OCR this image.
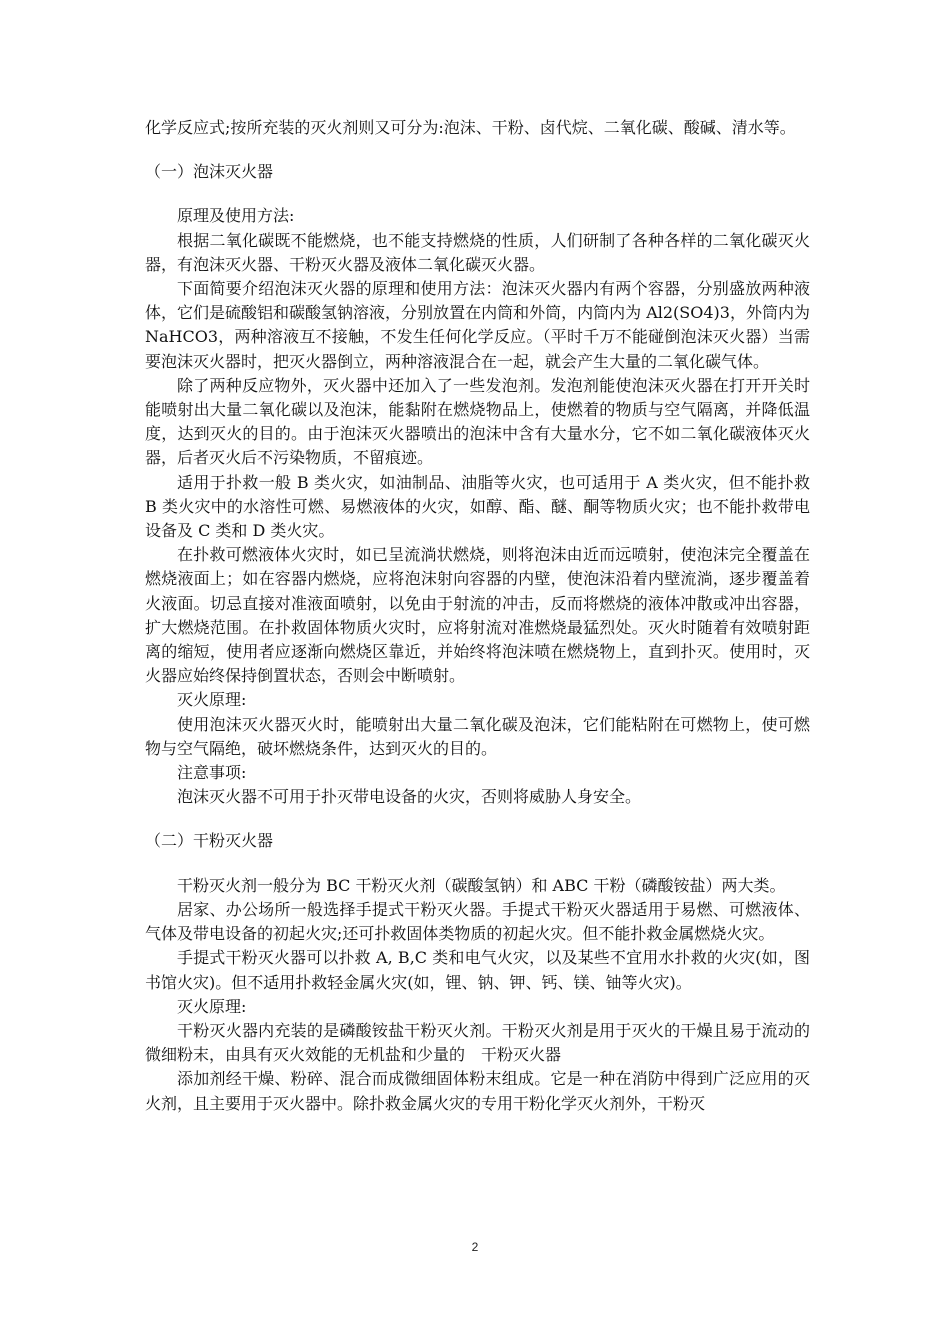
化学反应式;按所充装的灭火剂则又可分为:泡沫、干粉、卤代烷、二氧化碳、酸碱、清水等。

（一）泡沫灭火器

原理及使用方法:

根据二氧化碳既不能燃烧，也不能支持燃烧的性质，人们研制了各种各样的二氧化碳灭火器，有泡沫灭火器、干粉灭火器及液体二氧化碳灭火器。

下面简要介绍泡沫灭火器的原理和使用方法：泡沫灭火器内有两个容器，分别盛放两种液体，它们是硫酸铝和碳酸氢钠溶液，分别放置在内筒和外筒，内筒内为 Al2(SO4)3，外筒内为 NaHCO3，两种溶液互不接触，不发生任何化学反应。（平时千万不能碰倒泡沫灭火器）当需要泡沫灭火器时，把灭火器倒立，两种溶液混合在一起，就会产生大量的二氧化碳气体。

除了两种反应物外，灭火器中还加入了一些发泡剂。发泡剂能使泡沫灭火器在打开开关时能喷射出大量二氧化碳以及泡沫，能黏附在燃烧物品上，使燃着的物质与空气隔离，并降低温度，达到灭火的目的。由于泡沫灭火器喷出的泡沫中含有大量水分，它不如二氧化碳液体灭火器，后者灭火后不污染物质，不留痕迹。

适用于扑救一般 B 类火灾，如油制品、油脂等火灾，也可适用于 A 类火灾，但不能扑救 B 类火灾中的水溶性可燃、易燃液体的火灾，如醇、酯、醚、酮等物质火灾；也不能扑救带电设备及 C 类和 D 类火灾。

在扑救可燃液体火灾时，如已呈流淌状燃烧，则将泡沫由近而远喷射，使泡沫完全覆盖在燃烧液面上；如在容器内燃烧，应将泡沫射向容器的内壁，使泡沫沿着内壁流淌，逐步覆盖着火液面。切忌直接对准液面喷射，以免由于射流的冲击，反而将燃烧的液体冲散或冲出容器，扩大燃烧范围。在扑救固体物质火灾时，应将射流对准燃烧最猛烈处。灭火时随着有效喷射距离的缩短，使用者应逐渐向燃烧区靠近，并始终将泡沫喷在燃烧物上，直到扑灭。使用时，灭火器应始终保持倒置状态，否则会中断喷射。

灭火原理:

使用泡沫灭火器灭火时，能喷射出大量二氧化碳及泡沫，它们能粘附在可燃物上，使可燃物与空气隔绝，破坏燃烧条件，达到灭火的目的。

注意事项:

泡沫灭火器不可用于扑灭带电设备的火灾，否则将威胁人身安全。

（二）干粉灭火器

干粉灭火剂一般分为 BC 干粉灭火剂（碳酸氢钠）和 ABC 干粉（磷酸铵盐）两大类。

居家、办公场所一般选择手提式干粉灭火器。手提式干粉灭火器适用于易燃、可燃液体、气体及带电设备的初起火灾;还可扑救固体类物质的初起火灾。但不能扑救金属燃烧火灾。

手提式干粉灭火器可以扑救 A, B,C 类和电气火灾，以及某些不宜用水扑救的火灾(如，图书馆火灾)。但不适用扑救轻金属火灾(如，锂、钠、钾、钙、镁、铀等火灾)。

灭火原理:

干粉灭火器内充装的是磷酸铵盐干粉灭火剂。干粉灭火剂是用于灭火的干燥且易于流动的微细粉末，由具有灭火效能的无机盐和少量的　干粉灭火器

添加剂经干燥、粉碎、混合而成微细固体粉末组成。它是一种在消防中得到广泛应用的灭火剂，且主要用于灭火器中。除扑救金属火灾的专用干粉化学灭火剂外，干粉灭

2
